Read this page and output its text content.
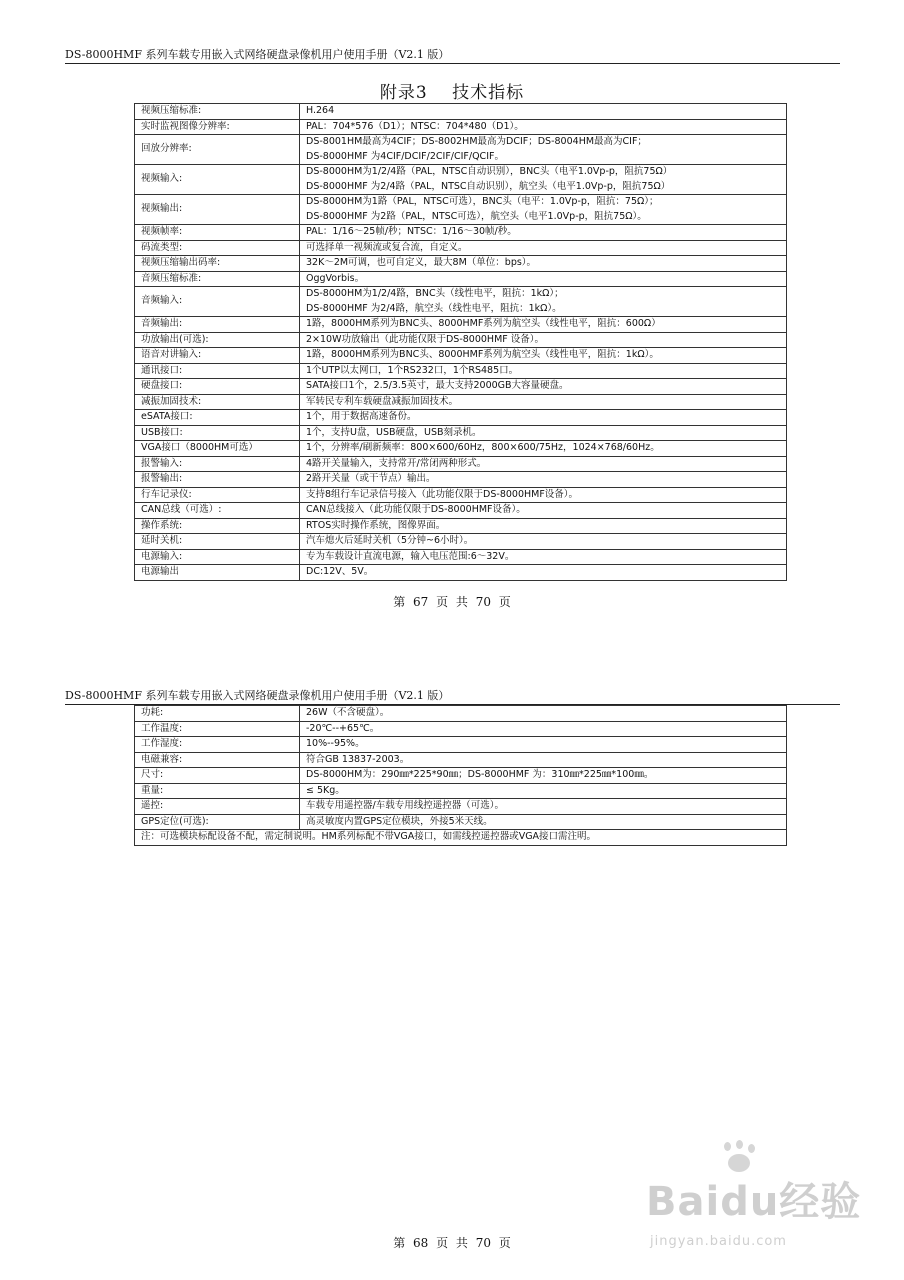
DS-8000HMF 系列车载专用嵌入式网络硬盘录像机用户使用手册（V2.1 版）
附录3　 技术指标
视频压缩标准:	H.264

实时监视图像分辨率:	PAL：704*576（D1）；NTSC：704*480（D1）。

回放分辨率:	DS-8001HM最高为4CIF；DS-8002HM最高为DCIF；DS-8004HM最高为CIF；
DS-8000HMF 为4CIF/DCIF/2CIF/CIF/QCIF。

视频输入:	DS-8000HM为1/2/4路（PAL，NTSC自动识别），BNC头（电平1.0Vp-p，阻抗75Ω）
DS-8000HMF 为2/4路（PAL，NTSC自动识别），航空头（电平1.0Vp-p，阻抗75Ω）

视频输出:	DS-8000HM为1路（PAL，NTSC可选），BNC头（电平：1.0Vp-p，阻抗：75Ω）；
DS-8000HMF 为2路（PAL，NTSC可选），航空头（电平1.0Vp-p，阻抗75Ω）。

视频帧率:	PAL：1/16～25帧/秒；NTSC：1/16～30帧/秒。

码流类型:	可选择单一视频流或复合流，自定义。

视频压缩输出码率:	32K～2M可调，也可自定义，最大8M（单位：bps）。

音频压缩标准:	OggVorbis。

音频输入:	DS-8000HM为1/2/4路，BNC头（线性电平，阻抗：1kΩ）；
DS-8000HMF 为2/4路，航空头（线性电平，阻抗：1kΩ）。

音频输出:	1路，8000HM系列为BNC头、8000HMF系列为航空头（线性电平，阻抗：600Ω）

功放输出(可选):	2×10W功放输出（此功能仅限于DS-8000HMF 设备）。

语音对讲输入:	1路，8000HM系列为BNC头、8000HMF系列为航空头（线性电平，阻抗：1kΩ）。

通讯接口:	1个UTP以太网口，1个RS232口，1个RS485口。

硬盘接口:	SATA接口1个，2.5/3.5英寸，最大支持2000GB大容量硬盘。

减振加固技术:	军转民专利车载硬盘减振加固技术。

eSATA接口:	1个，用于数据高速备份。

USB接口:	1个，支持U盘，USB硬盘，USB刻录机。

VGA接口（8000HM可选）	1个，分辨率/刷新频率：800×600/60Hz，800×600/75Hz，1024×768/60Hz。

报警输入:	4路开关量输入，支持常开/常闭两种形式。

报警输出:	2路开关量（或干节点）输出。

行车记录仪:	支持8组行车记录信号接入（此功能仅限于DS-8000HMF设备）。

CAN总线（可选）:	CAN总线接入（此功能仅限于DS-8000HMF设备）。

操作系统:	RTOS实时操作系统，图像界面。

延时关机:	汽车熄火后延时关机（5分钟~6小时）。

电源输入:	专为车载设计直流电源，输入电压范围:6～32V。

电源输出	DC:12V、5V。
第 67 页 共 70 页
DS-8000HMF 系列车载专用嵌入式网络硬盘录像机用户使用手册（V2.1 版）
功耗:	26W（不含硬盘）。

工作温度:	-20℃--+65℃。

工作湿度:	10%--95%。

电磁兼容:	符合GB 13837-2003。

尺寸:	DS-8000HM为：290㎜*225*90㎜；DS-8000HMF 为：310㎜*225㎜*100㎜。

重量:	≤ 5Kg。

遥控:	车载专用遥控器/车载专用线控遥控器（可选）。

GPS定位(可选):	高灵敏度内置GPS定位模块，外接5米天线。

注：可选模块标配设备不配，需定制说明。HM系列标配不带VGA接口，如需线控遥控器或VGA接口需注明。	
第 68 页 共 70 页
Baidu经验
jingyan.baidu.com
